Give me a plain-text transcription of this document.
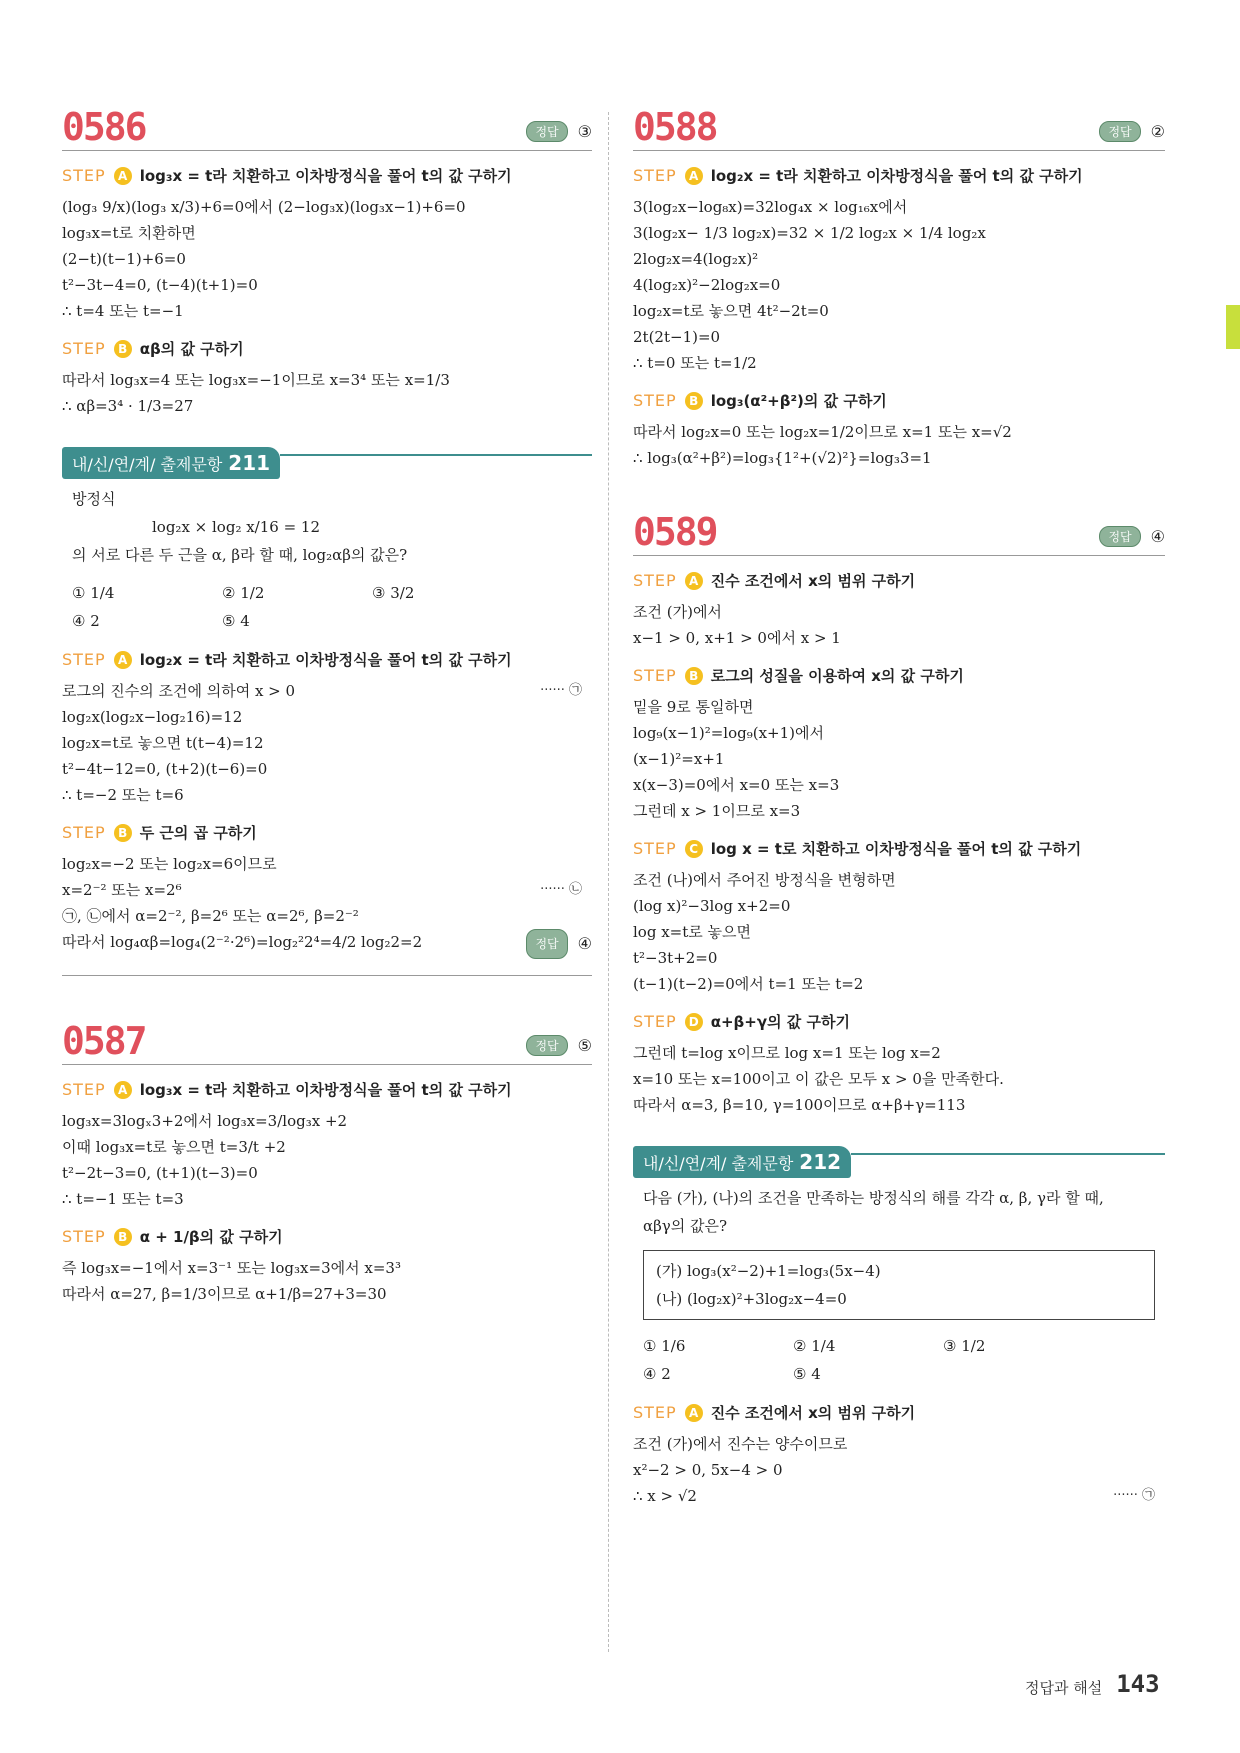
0586	정답	③
STEP	A log₃x = t라 치환하고 이차방정식을 풀어 t의 값 구하기
(log₃ 9/x)(log₃ x/3)+6=0에서 (2−log₃x)(log₃x−1)+6=0
log₃x=t로 치환하면
(2−t)(t−1)+6=0
t²−3t−4=0, (t−4)(t+1)=0
∴ t=4 또는 t=−1
STEP	B αβ의 값 구하기
따라서 log₃x=4 또는 log₃x=−1이므로 x=3⁴ 또는 x=1/3
∴ αβ=3⁴ · 1/3=27
내/신/연/계/ 출제문항 211
방정식
log₂x × log₂ x/16 = 12
의 서로 다른 두 근을 α, β라 할 때, log₂αβ의 값은?
① 1/4	② 1/2	③ 3/2
④ 2	⑤ 4
STEP	A log₂x = t라 치환하고 이차방정식을 풀어 t의 값 구하기
로그의 진수의 조건에 의하여 x > 0	······ ㉠
log₂x(log₂x−log₂16)=12
log₂x=t로 놓으면 t(t−4)=12
t²−4t−12=0, (t+2)(t−6)=0
∴ t=−2 또는 t=6
STEP	B 두 근의 곱 구하기
log₂x=−2 또는 log₂x=6이므로
x=2⁻² 또는 x=2⁶	······ ㉡
㉠, ㉡에서 α=2⁻², β=2⁶ 또는 α=2⁶, β=2⁻²
따라서 log₄αβ=log₄(2⁻²·2⁶)=log₂²2⁴=4/2 log₂2=2	정답	④
0587	정답	⑤
STEP	A log₃x = t라 치환하고 이차방정식을 풀어 t의 값 구하기
log₃x=3logₓ3+2에서 log₃x=3/log₃x +2
이때 log₃x=t로 놓으면 t=3/t +2
t²−2t−3=0, (t+1)(t−3)=0
∴ t=−1 또는 t=3
STEP	B α + 1/β의 값 구하기
즉 log₃x=−1에서 x=3⁻¹ 또는 log₃x=3에서 x=3³
따라서 α=27, β=1/3이므로 α+1/β=27+3=30
0588	정답	②
STEP	A log₂x = t라 치환하고 이차방정식을 풀어 t의 값 구하기
3(log₂x−log₈x)=32log₄x × log₁₆x에서
3(log₂x− 1/3 log₂x)=32 × 1/2 log₂x × 1/4 log₂x
2log₂x=4(log₂x)²
4(log₂x)²−2log₂x=0
log₂x=t로 놓으면 4t²−2t=0
2t(2t−1)=0
∴ t=0 또는 t=1/2
STEP	B log₃(α²+β²)의 값 구하기
따라서 log₂x=0 또는 log₂x=1/2이므로 x=1 또는 x=√2
∴ log₃(α²+β²)=log₃{1²+(√2)²}=log₃3=1
0589	정답	④
STEP	A 진수 조건에서 x의 범위 구하기
조건 (가)에서
x−1 > 0, x+1 > 0에서 x > 1
STEP	B 로그의 성질을 이용하여 x의 값 구하기
밑을 9로 통일하면
log₉(x−1)²=log₉(x+1)에서
(x−1)²=x+1
x(x−3)=0에서 x=0 또는 x=3
그런데 x > 1이므로 x=3
STEP	C log x = t로 치환하고 이차방정식을 풀어 t의 값 구하기
조건 (나)에서 주어진 방정식을 변형하면
(log x)²−3log x+2=0
log x=t로 놓으면
t²−3t+2=0
(t−1)(t−2)=0에서 t=1 또는 t=2
STEP	D α+β+γ의 값 구하기
그런데 t=log x이므로 log x=1 또는 log x=2
x=10 또는 x=100이고 이 값은 모두 x > 0을 만족한다.
따라서 α=3, β=10, γ=100이므로 α+β+γ=113
내/신/연/계/ 출제문항 212
다음 (가), (나)의 조건을 만족하는 방정식의 해를 각각 α, β, γ라 할 때,
αβγ의 값은?
(가) log₃(x²−2)+1=log₃(5x−4)
(나) (log₂x)²+3log₂x−4=0
① 1/6	② 1/4	③ 1/2
④ 2	⑤ 4
STEP	A 진수 조건에서 x의 범위 구하기
조건 (가)에서 진수는 양수이므로
x²−2 > 0, 5x−4 > 0
∴ x > √2	······ ㉠
정답과 해설 143
